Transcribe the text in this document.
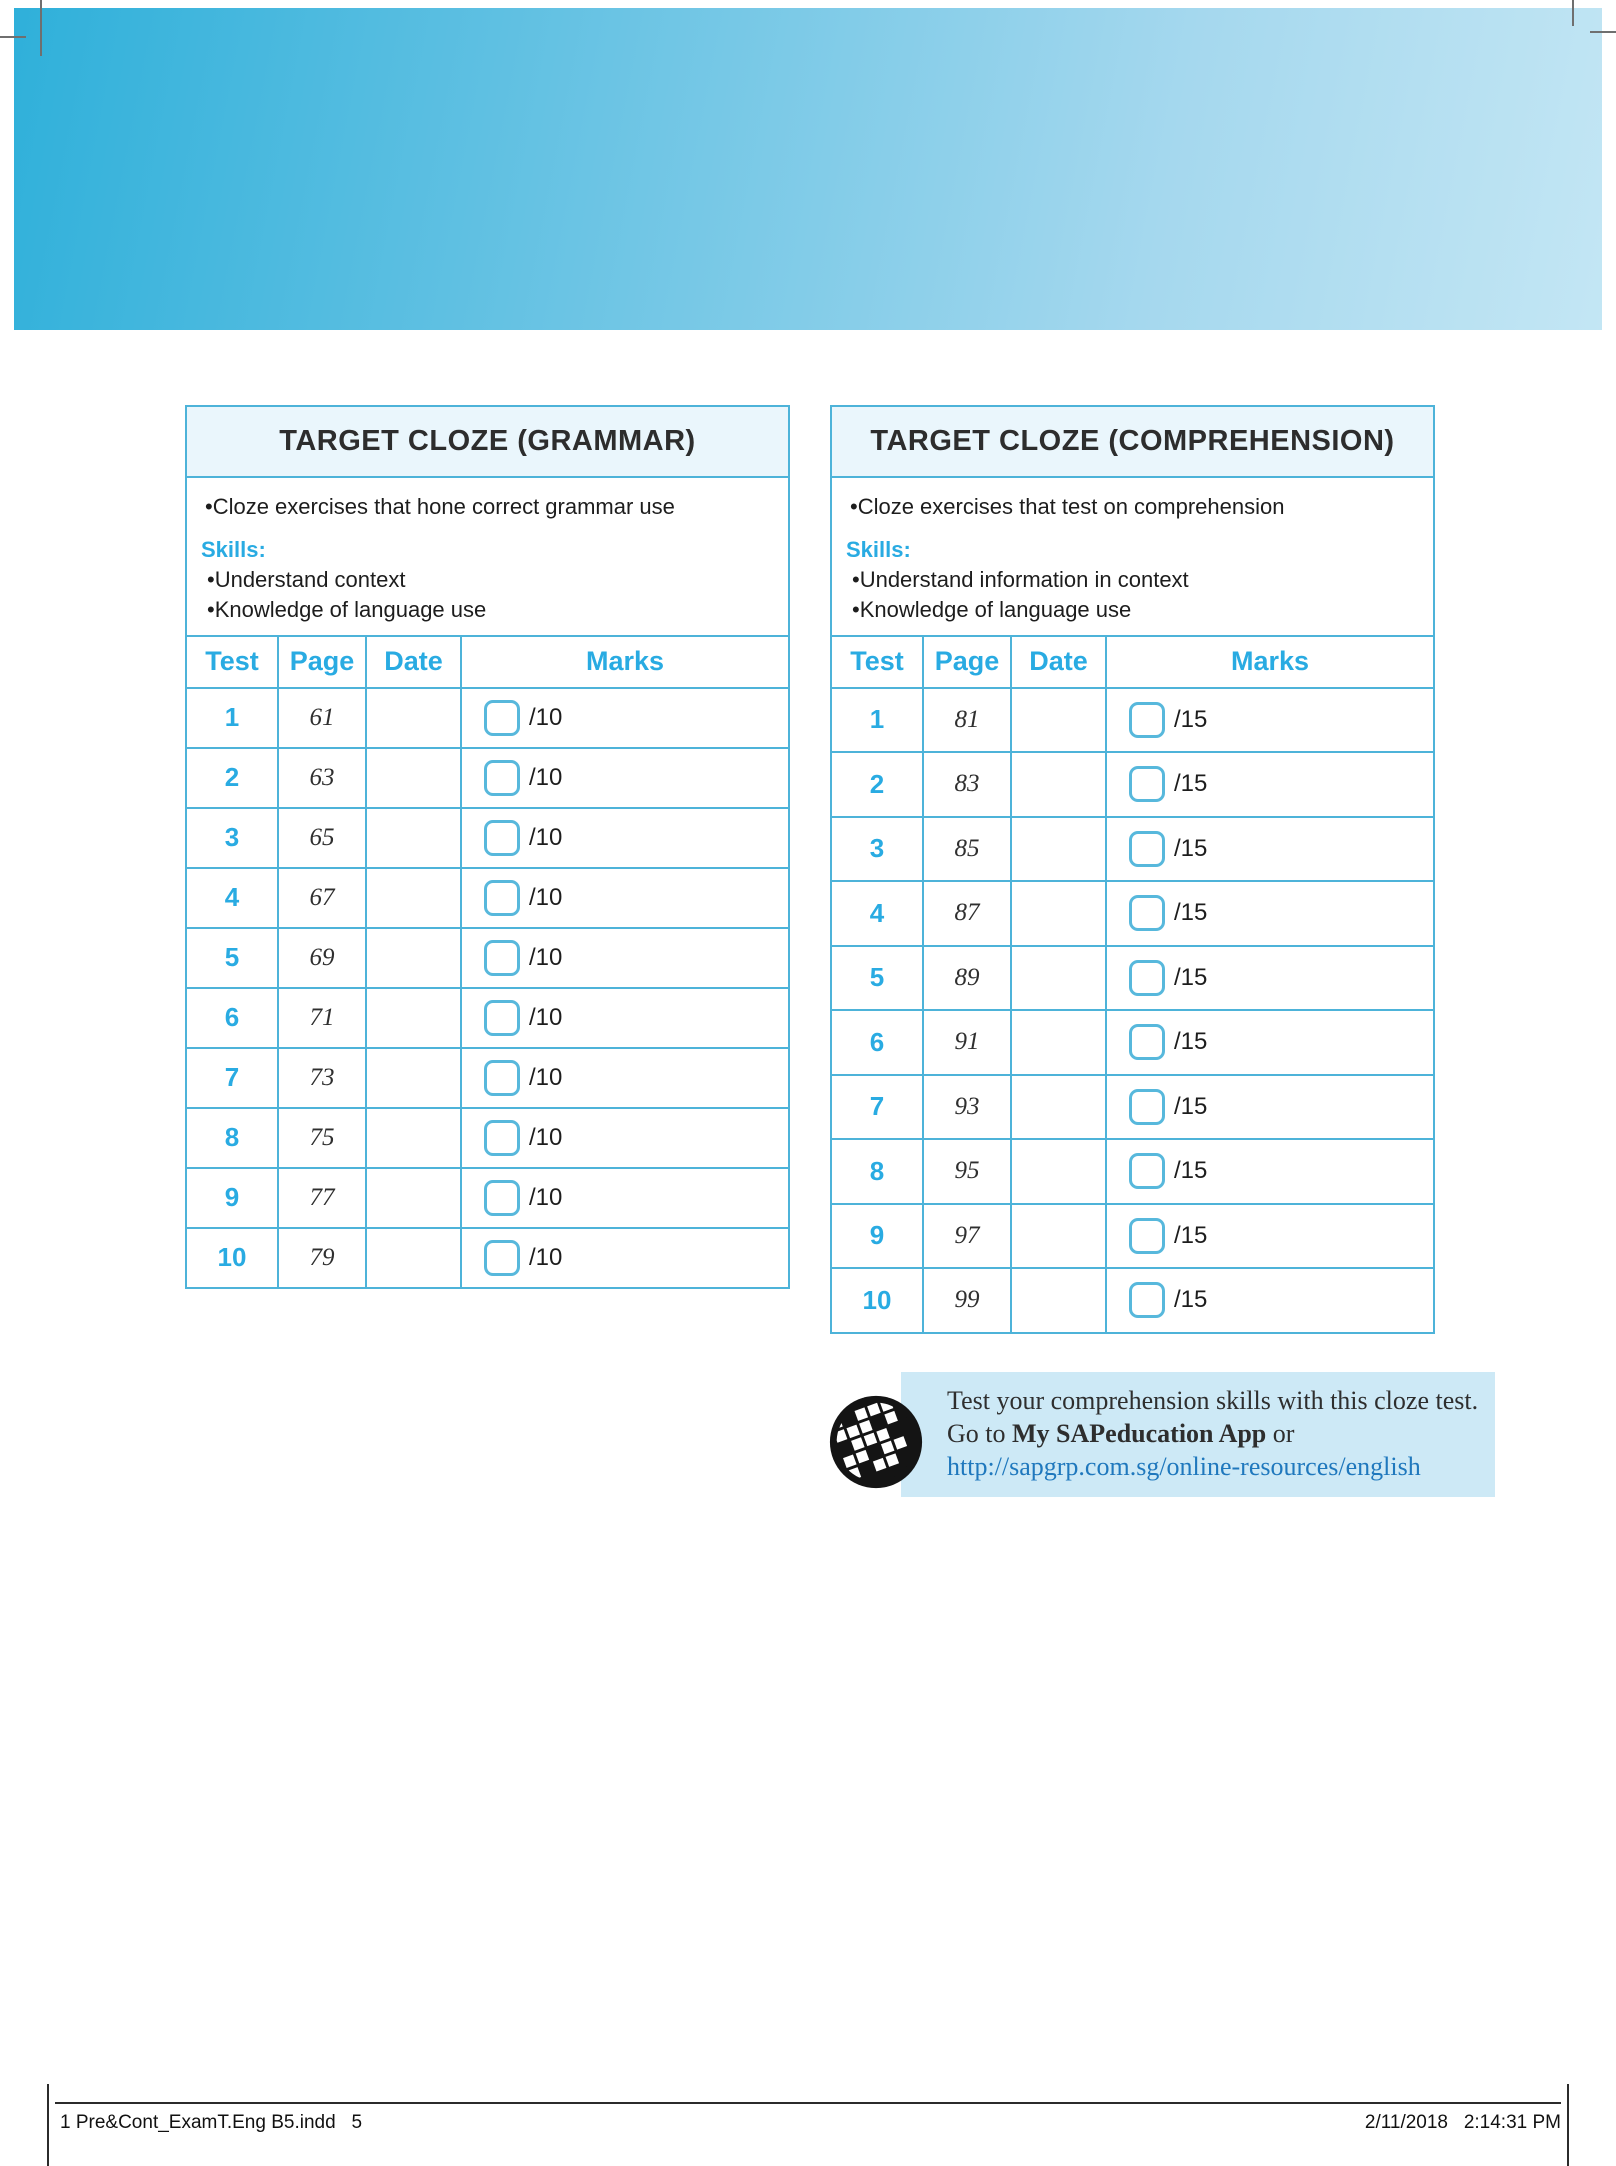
TARGET CLOZE (GRAMMAR)
•Cloze exercises that hone correct grammar use
Skills:
•Understand context
•Knowledge of language use
Test	Page	Date	Marks
1	61		/10

2	63		/10

3	65		/10

4	67		/10

5	69		/10

6	71		/10

7	73		/10

8	75		/10

9	77		/10

10	79		/10
TARGET CLOZE (COMPREHENSION)
•Cloze exercises that test on comprehension
Skills:
•Understand information in context
•Knowledge of language use
Test	Page	Date	Marks
1	81		/15

2	83		/15

3	85		/15

4	87		/15

5	89		/15

6	91		/15

7	93		/15

8	95		/15

9	97		/15

10	99		/15
Test your comprehension skills with this cloze test.
Go to My SAPeducation App or
http://sapgrp.com.sg/online-resources/english
1 Pre&Cont_ExamT.Eng B5.indd   5	2/11/2018   2:14:31 PM
